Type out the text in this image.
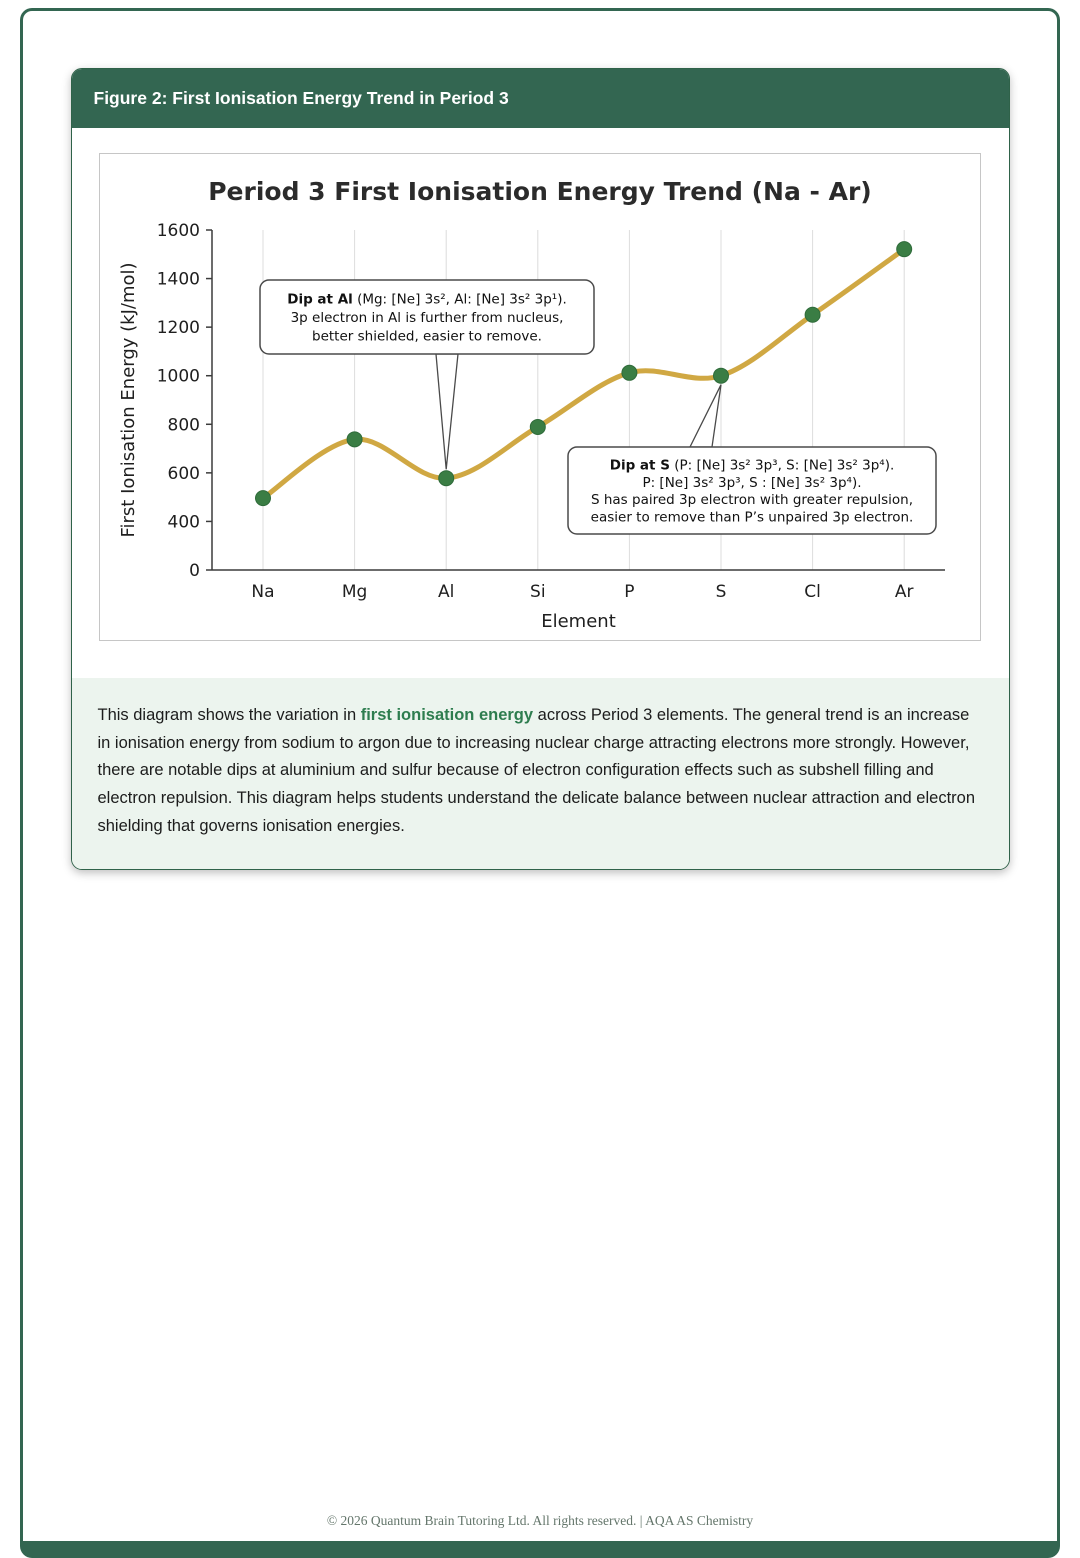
Figure 2: First Ionisation Energy Trend in Period 3
Period 3 First Ionisation Energy Trend (Na - Ar)
0
400
600
800
1000
1200
1400
1600
Na	Mg	Al	Si	P	S	Cl	Ar
Element
First Ionisation Energy (kJ/mol)	Dip at Al (Mg: [Ne] 3s², Al: [Ne] 3s² 3p¹).
3p electron in Al is further from nucleus,
better shielded, easier to remove.
Dip at S (P: [Ne] 3s² 3p³, S: [Ne] 3s² 3p⁴).
P: [Ne] 3s² 3p³, S : [Ne] 3s² 3p⁴).
S has paired 3p electron with greater repulsion,
easier to remove than P’s unpaired 3p electron.

This diagram shows the variation in first ionisation energy across Period 3 elements. The general trend is an increase in ionisation energy from sodium to argon due to increasing nuclear charge attracting electrons more strongly. However, there are notable dips at aluminium and sulfur because of electron configuration effects such as subshell filling and electron repulsion. This diagram helps students understand the delicate balance between nuclear attraction and electron shielding that governs ionisation energies.

© 2026 Quantum Brain Tutoring Ltd. All rights reserved. | AQA AS Chemistry
